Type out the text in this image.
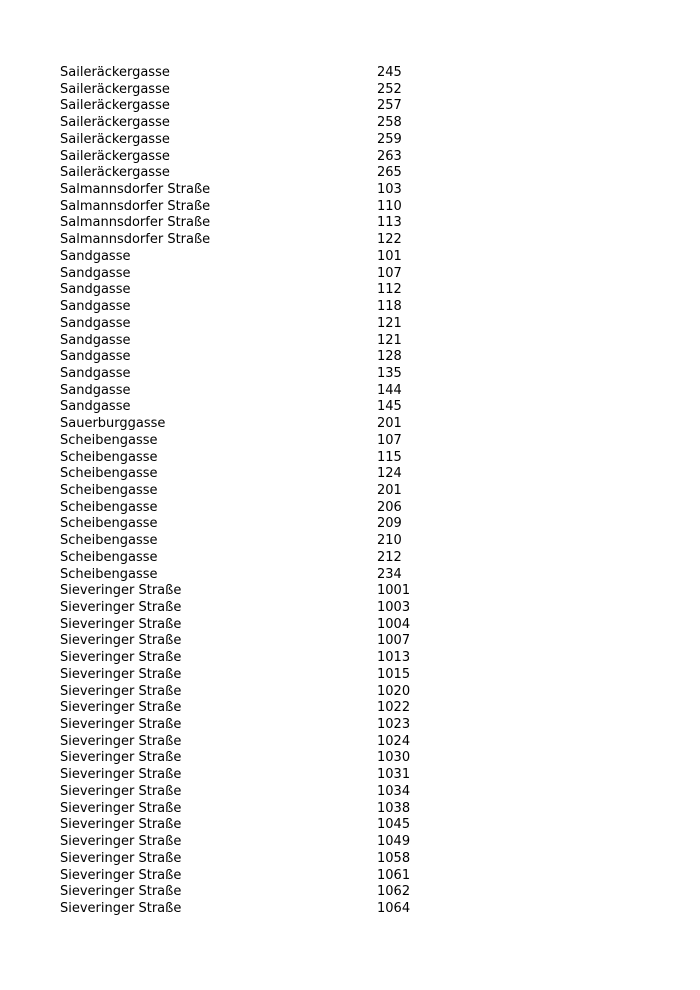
Saileräckergasse	245
Saileräckergasse	252
Saileräckergasse	257
Saileräckergasse	258
Saileräckergasse	259
Saileräckergasse	263
Saileräckergasse	265
Salmannsdorfer Straße	103
Salmannsdorfer Straße	110
Salmannsdorfer Straße	113
Salmannsdorfer Straße	122
Sandgasse	101
Sandgasse	107
Sandgasse	112
Sandgasse	118
Sandgasse	121
Sandgasse	121
Sandgasse	128
Sandgasse	135
Sandgasse	144
Sandgasse	145
Sauerburggasse	201
Scheibengasse	107
Scheibengasse	115
Scheibengasse	124
Scheibengasse	201
Scheibengasse	206
Scheibengasse	209
Scheibengasse	210
Scheibengasse	212
Scheibengasse	234
Sieveringer Straße	1001
Sieveringer Straße	1003
Sieveringer Straße	1004
Sieveringer Straße	1007
Sieveringer Straße	1013
Sieveringer Straße	1015
Sieveringer Straße	1020
Sieveringer Straße	1022
Sieveringer Straße	1023
Sieveringer Straße	1024
Sieveringer Straße	1030
Sieveringer Straße	1031
Sieveringer Straße	1034
Sieveringer Straße	1038
Sieveringer Straße	1045
Sieveringer Straße	1049
Sieveringer Straße	1058
Sieveringer Straße	1061
Sieveringer Straße	1062
Sieveringer Straße	1064
